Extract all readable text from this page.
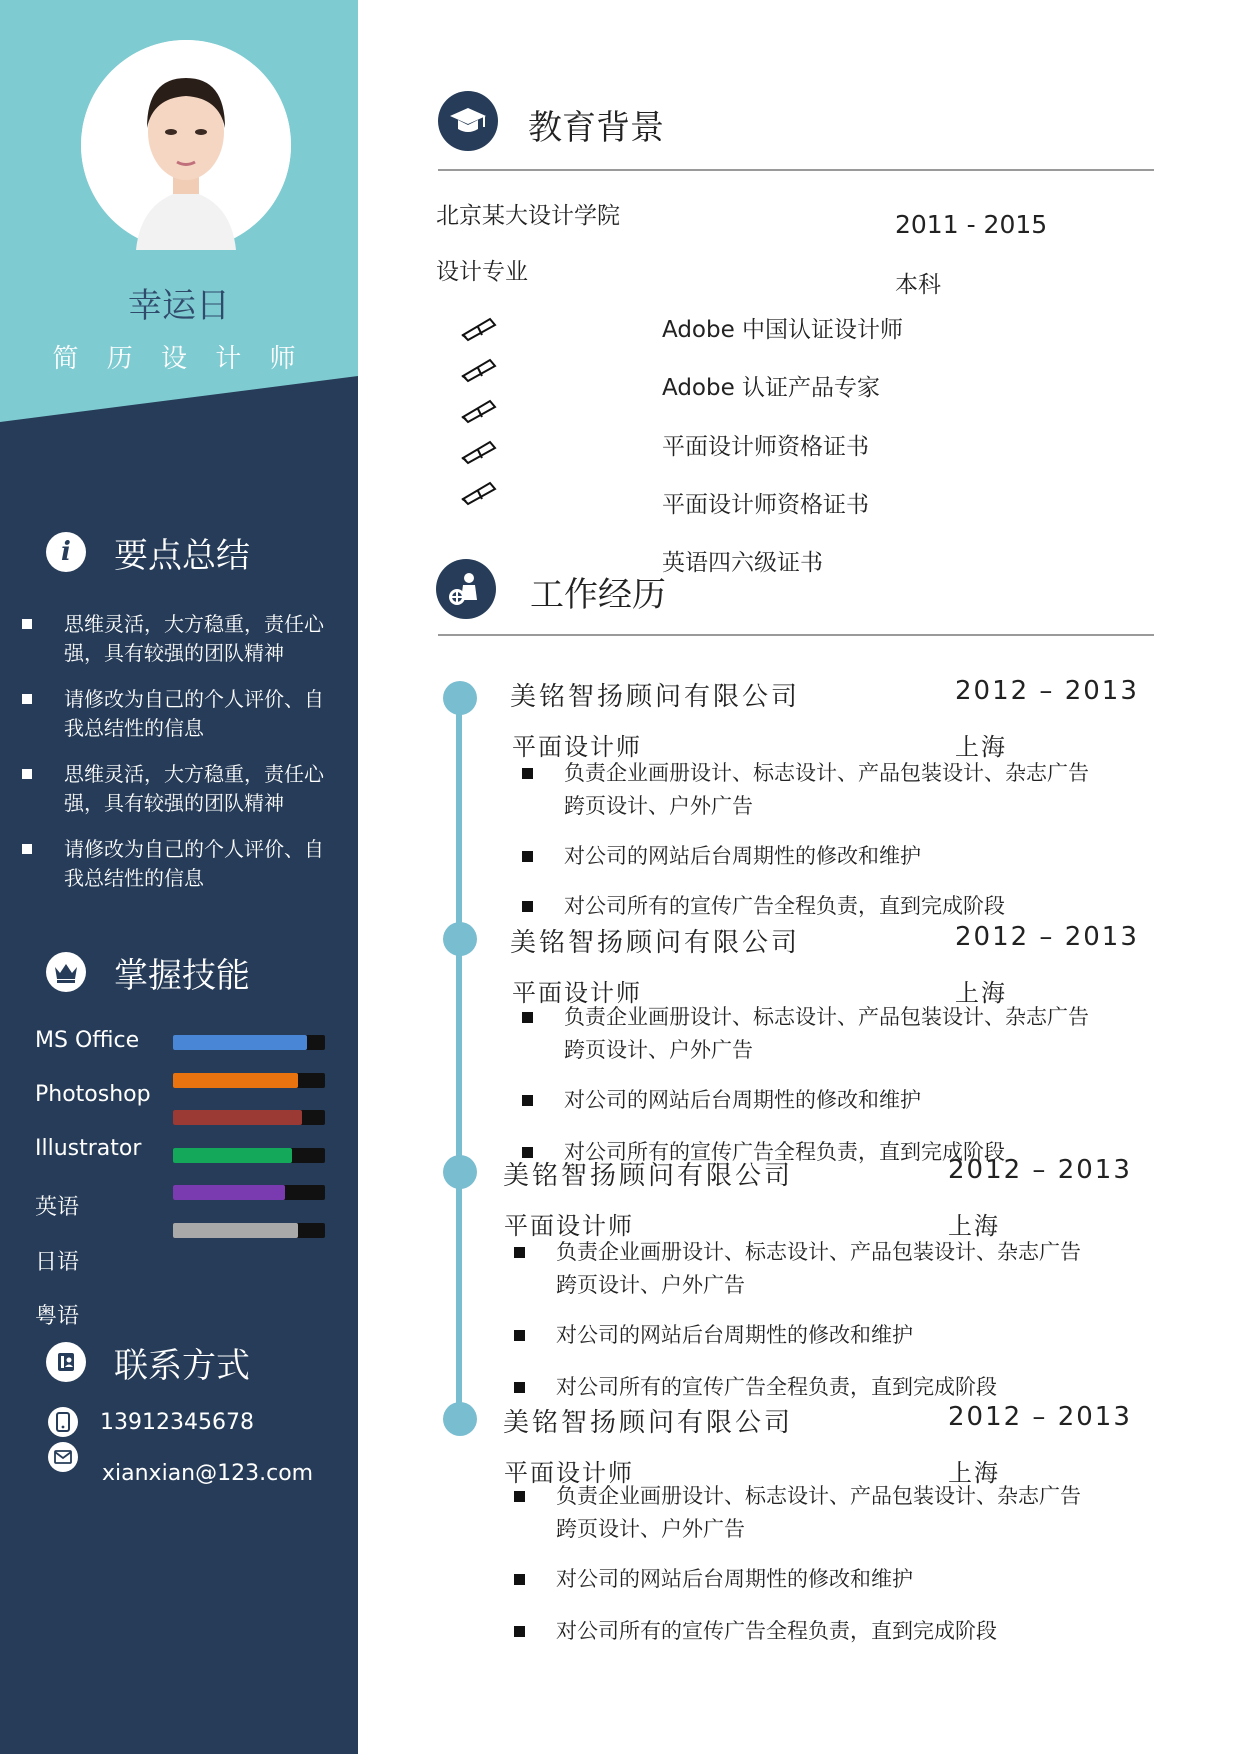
幸运日
简 历 设 计 师
i 要点总结
思维灵活，大方稳重，责任心强，具有较强的团队精神
请修改为自己的个人评价、自我总结性的信息
思维灵活，大方稳重，责任心强，具有较强的团队精神
请修改为自己的个人评价、自我总结性的信息
掌握技能
MS Office
Photoshop
Illustrator
英语
日语
粤语
联系方式
13912345678
xianxian@123.com
教育背景
北京某大设计学院	2011 - 2015
设计专业	本科
Adobe 中国认证设计师
Adobe 认证产品专家
平面设计师资格证书
平面设计师资格证书
英语四六级证书
工作经历
美铭智扬顾问有限公司	2012 – 2013
平面设计师	上海
负责企业画册设计、标志设计、产品包装设计、杂志广告跨页设计、户外广告
对公司的网站后台周期性的修改和维护
对公司所有的宣传广告全程负责，直到完成阶段
美铭智扬顾问有限公司	2012 – 2013
平面设计师	上海
负责企业画册设计、标志设计、产品包装设计、杂志广告跨页设计、户外广告
对公司的网站后台周期性的修改和维护
对公司所有的宣传广告全程负责，直到完成阶段
美铭智扬顾问有限公司	2012 – 2013
平面设计师	上海
负责企业画册设计、标志设计、产品包装设计、杂志广告跨页设计、户外广告
对公司的网站后台周期性的修改和维护
对公司所有的宣传广告全程负责，直到完成阶段
美铭智扬顾问有限公司	2012 – 2013
平面设计师	上海
负责企业画册设计、标志设计、产品包装设计、杂志广告跨页设计、户外广告
对公司的网站后台周期性的修改和维护
对公司所有的宣传广告全程负责，直到完成阶段
